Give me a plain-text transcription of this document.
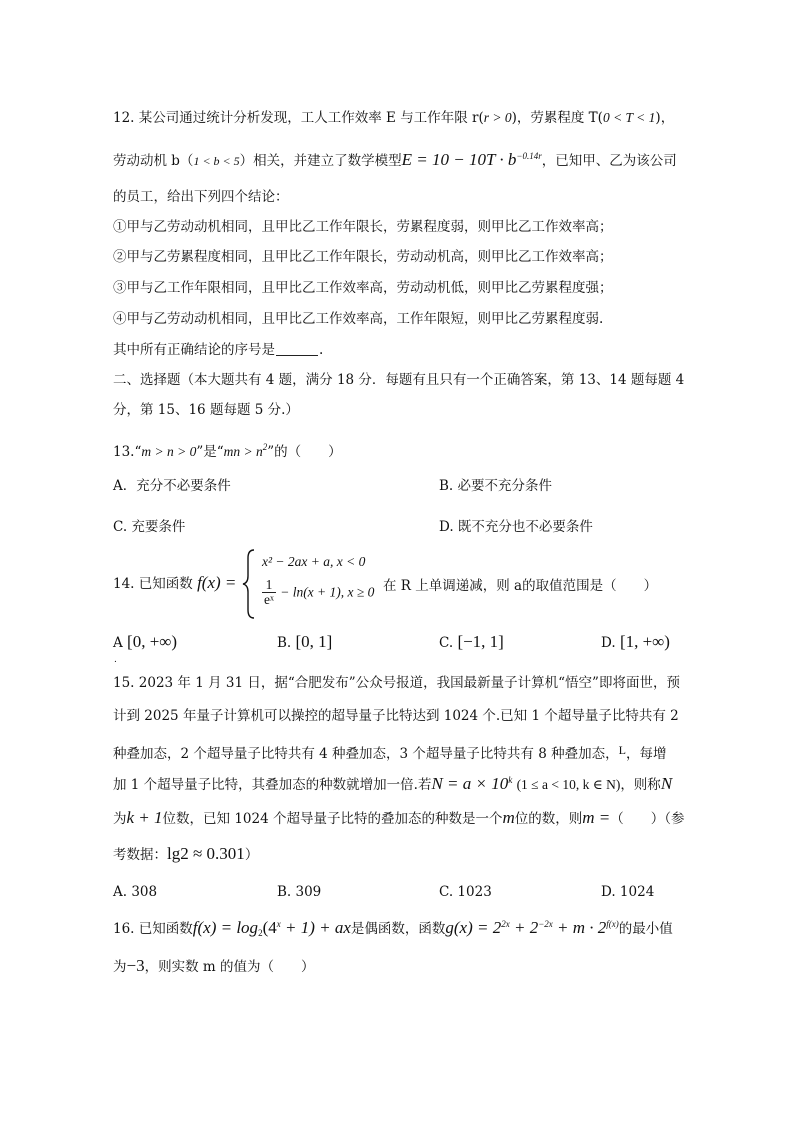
12. 某公司通过统计分析发现，工人工作效率 E 与工作年限 r(r > 0)，劳累程度 T(0 < T < 1)，
劳动动机 b（1 < b < 5）相关，并建立了数学模型$E = 10 - 10T \cdot b^{-0.14r}$，已知甲、乙为该公司
的员工，给出下列四个结论：
①甲与乙劳动动机相同，且甲比乙工作年限长，劳累程度弱，则甲比乙工作效率高；
②甲与乙劳累程度相同，且甲比乙工作年限长，劳动动机高，则甲比乙工作效率高；
③甲与乙工作年限相同，且甲比乙工作效率高，劳动动机低，则甲比乙劳累程度强；
④甲与乙劳动动机相同，且甲比乙工作效率高，工作年限短，则甲比乙劳累程度弱.
其中所有正确结论的序号是	.
二、选择题（本大题共有 4 题，满分 18 分．每题有且只有一个正确答案，第 13、14 题每题 4
分，第 15、16 题每题 5 分.）
13.“m > n > 0”是“mn > $n^2$”的（　　）
A．充分不必要条件	B. 必要不充分条件
C. 充要条件	D. 既不充分也不必要条件
14. 已知函数 f(x) =
x² − 2ax + a, x < 0
$\frac{1}{\text{eˣ}} - \ln(x + 1)$, x ≥ 0 在 R 上单调递减，则 a的取值范围是（　　）
A [0, +∞)
.
B. [0, 1]	C. [−1, 1]	D. [1, +∞)
15. 2023 年 1 月 31 日，据“合肥发布”公众号报道，我国最新量子计算机“悟空”即将面世，预
计到 2025 年量子计算机可以操控的超导量子比特达到 1024 个.已知 1 个超导量子比特共有 2
种叠加态，2 个超导量子比特共有 4 种叠加态，3 个超导量子比特共有 8 种叠加态，L，每增
加 1 个超导量子比特，其叠加态的种数就增加一倍.若$N = a \times 10^k$ (1 ≤ a < 10, k ∈ N)，则称N
为k + 1位数，已知 1024 个超导量子比特的叠加态的种数是一个m位的数，则m =（　　）（参
考数据：lg2 ≈ 0.301）
A. 308	B. 309	C. 1023	D. 1024
16. 已知函数$f(x) = \log_2(4^x + 1)$ + ax是偶函数，函数$g(x) = 2^{2x} + 2^{-2x} + m \cdot 2^{f(x)}$的最小值
为−3，则实数 m 的值为（　　）
